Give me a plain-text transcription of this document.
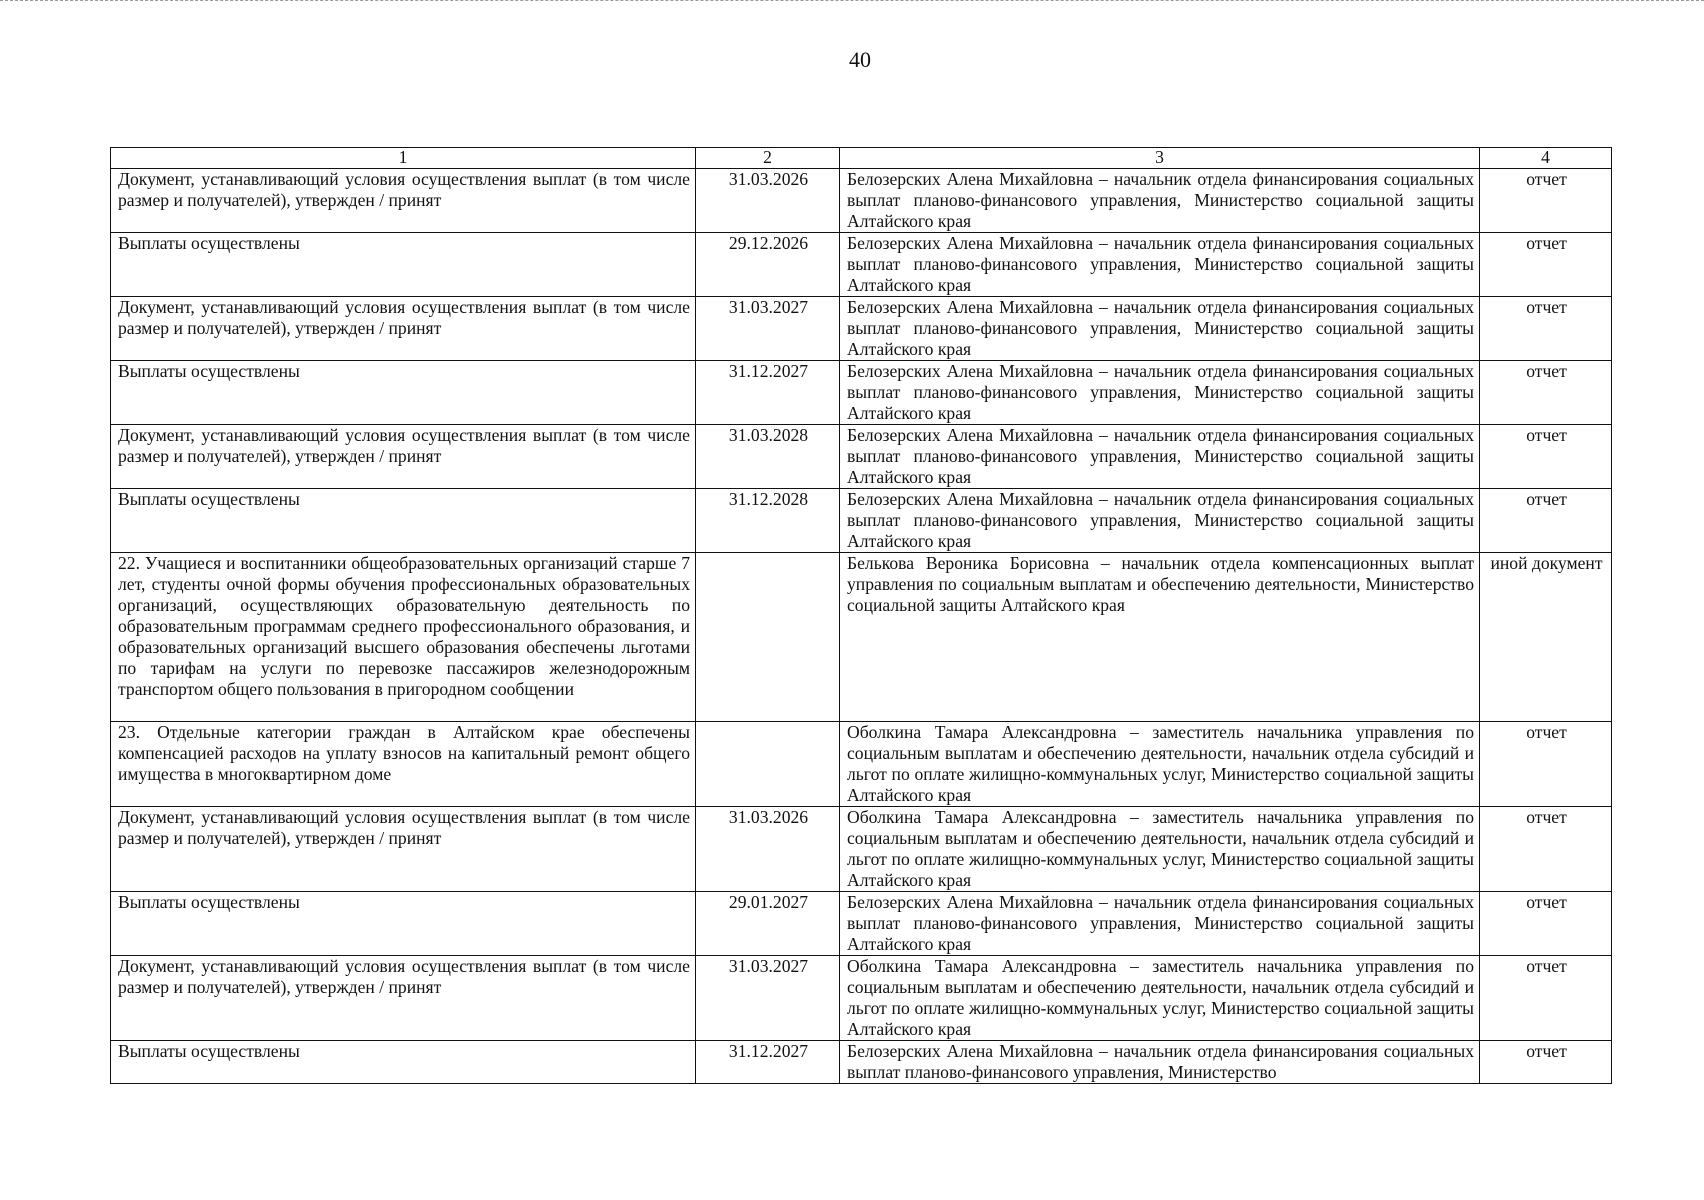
40
1	2	3	4
Документ, устанавливающий условия осуществления выплат (в том числе размер и получателей), утвержден / принят	31.03.2026	Белозерских Алена Михайловна – начальник отдела финансирования социальных выплат планово-финансового управления, Министерство социальной защиты Алтайского края	отчет
Выплаты осуществлены	29.12.2026	Белозерских Алена Михайловна – начальник отдела финансирования социальных выплат планово-финансового управления, Министерство социальной защиты Алтайского края	отчет
Документ, устанавливающий условия осуществления выплат (в том числе размер и получателей), утвержден / принят	31.03.2027	Белозерских Алена Михайловна – начальник отдела финансирования социальных выплат планово-финансового управления, Министерство социальной защиты Алтайского края	отчет
Выплаты осуществлены	31.12.2027	Белозерских Алена Михайловна – начальник отдела финансирования социальных выплат планово-финансового управления, Министерство социальной защиты Алтайского края	отчет
Документ, устанавливающий условия осуществления выплат (в том числе размер и получателей), утвержден / принят	31.03.2028	Белозерских Алена Михайловна – начальник отдела финансирования социальных выплат планово-финансового управления, Министерство социальной защиты Алтайского края	отчет
Выплаты осуществлены	31.12.2028	Белозерских Алена Михайловна – начальник отдела финансирования социальных выплат планово-финансового управления, Министерство социальной защиты Алтайского края	отчет
22. Учащиеся и воспитанники общеобразовательных организаций старше 7 лет, студенты очной формы обучения профессиональных образовательных организаций, осуществляющих образовательную деятельность по образовательным программам среднего профессионального образования, и образовательных организаций высшего образования обеспечены льготами по тарифам на услуги по перевозке пассажиров железнодорожным транспортом общего пользования в пригородном сообщении		Белькова Вероника Борисовна – начальник отдела компенсационных выплат управления по социальным выплатам и обеспечению деятельности, Министерство социальной защиты Алтайского края	иной документ
23. Отдельные категории граждан в Алтайском крае обеспечены компенсацией расходов на уплату взносов на капитальный ремонт общего имущества в многоквартирном доме		Оболкина Тамара Александровна – заместитель начальника управления по социальным выплатам и обеспечению деятельности, начальник отдела субсидий и льгот по оплате жилищно-коммунальных услуг, Министерство социальной защиты Алтайского края	отчет
Документ, устанавливающий условия осуществления выплат (в том числе размер и получателей), утвержден / принят	31.03.2026	Оболкина Тамара Александровна – заместитель начальника управления по социальным выплатам и обеспечению деятельности, начальник отдела субсидий и льгот по оплате жилищно-коммунальных услуг, Министерство социальной защиты Алтайского края	отчет
Выплаты осуществлены	29.01.2027	Белозерских Алена Михайловна – начальник отдела финансирования социальных выплат планово-финансового управления, Министерство социальной защиты Алтайского края	отчет
Документ, устанавливающий условия осуществления выплат (в том числе размер и получателей), утвержден / принят	31.03.2027	Оболкина Тамара Александровна – заместитель начальника управления по социальным выплатам и обеспечению деятельности, начальник отдела субсидий и льгот по оплате жилищно-коммунальных услуг, Министерство социальной защиты Алтайского края	отчет
Выплаты осуществлены	31.12.2027	Белозерских Алена Михайловна – начальник отдела финансирования социальных выплат планово-финансового управления, Министерство	отчет
